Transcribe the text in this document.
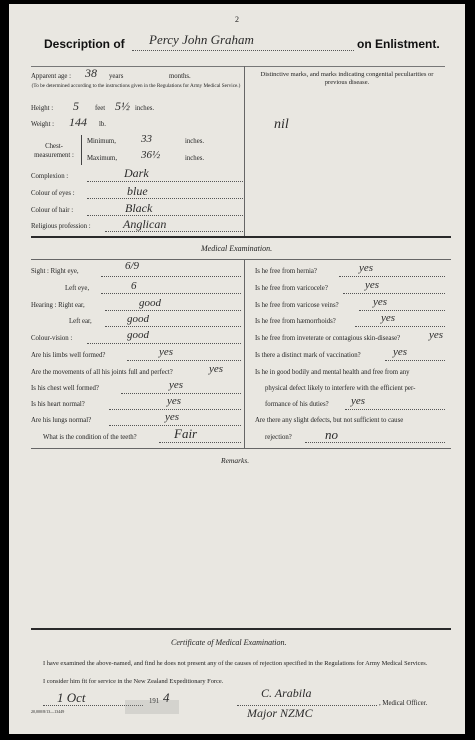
2
Description of Percy John Graham	on Enlistment.
Apparent age : 38 years	months.
(To be determined according to the instructions given in the Regulations for Army Medical Service.)
Height : 5 feet 5½ inches.
Weight : 144 lb.
Chest-measurement :
Minimum, 33	inches.
Maximum, 36½	inches.
Complexion :	Dark
Colour of eyes :	blue
Colour of hair :	Black
Religious profession :	Anglican
Distinctive marks, and marks indicating congenital peculiarities or previous disease.
nil
Medical Examination.
Sight : Right eye,	6/9
Left eye,	6
Hearing : Right ear,	good
Left ear,	good
Colour-vision :	good
Are his limbs well formed?	yes
Are the movements of all his joints full and perfect?	yes
Is his chest well formed?	yes
Is his heart normal?	yes
Are his lungs normal?	yes
What is the condition of the teeth?	Fair
Is he free from hernia?	yes
Is he free from varicocele?	yes
Is he free from varicose veins?	yes
Is he free from hæmorrhoids?	yes
Is he free from inveterate or contagious skin-disease?	yes
Is there a distinct mark of vaccination?	yes
Is he in good bodily and mental health and free from any
physical defect likely to interfere with the efficient per-
formance of his duties? yes
Are there any slight defects, but not sufficient to cause
rejection?	no
Remarks.
Certificate of Medical Examination.
I have examined the above-named, and find he does not present any of the causes of rejection specified in the Regulations for Army Medical Services.
I consider him fit for service in the New Zealand Expeditionary Force.
1 Oct	191 4	C. Arabila
Major NZMC
, Medical Officer.
20,000/8/13—13449
